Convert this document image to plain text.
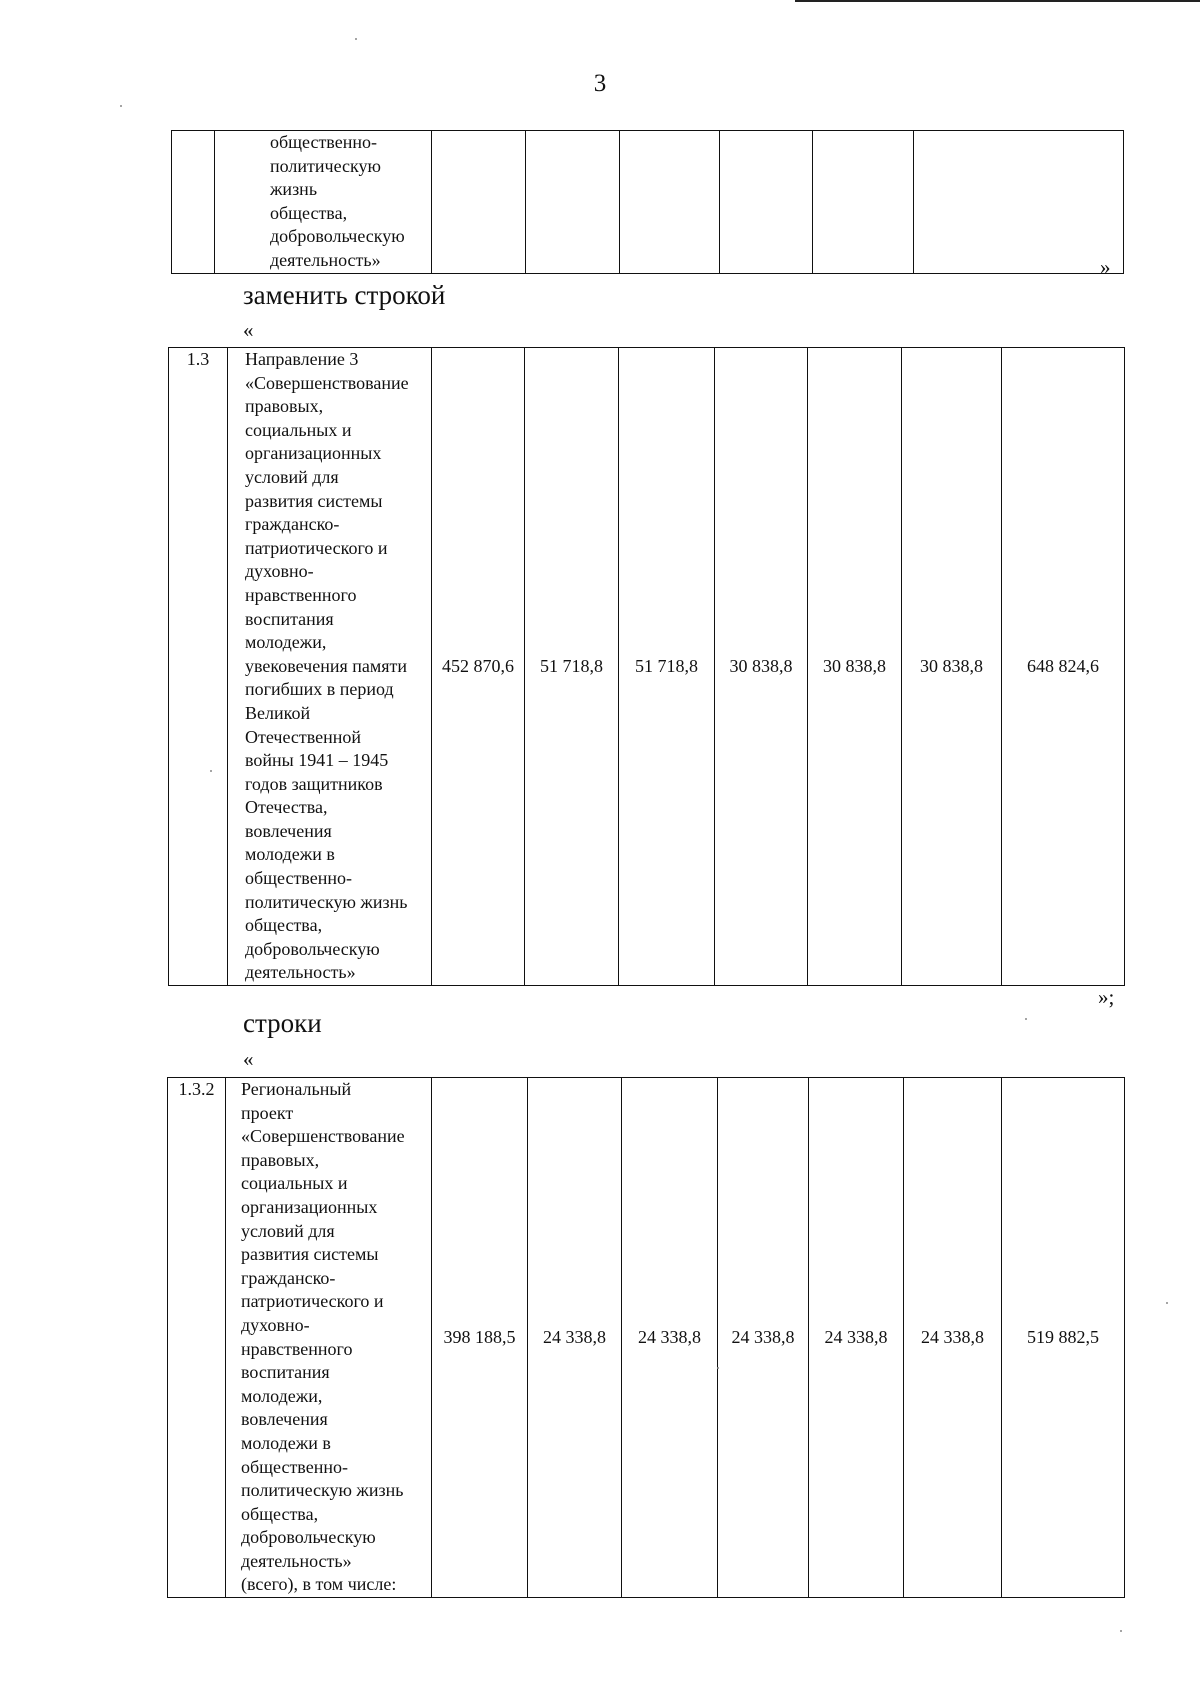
3
	общественно-
политическую жизнь
общества,
добровольческую
деятельность»							»
заменить строкой
«
1.3	Направление 3
«Совершенствование
правовых,
социальных и
организационных
условий для
развития системы
гражданско-
патриотического и
духовно-
нравственного
воспитания
молодежи,
увековечения памяти
погибших в период
Великой
Отечественной
войны 1941 – 1945
годов защитников
Отечества,
вовлечения
молодежи в
общественно-
политическую жизнь
общества,
добровольческую
деятельность»	452 870,6	51 718,8	51 718,8	30 838,8	30 838,8	30 838,8	648 824,6
»;
строки
«
1.3.2	Региональный
проект
«Совершенствование
правовых,
социальных и
организационных
условий для
развития системы
гражданско-
патриотического и
духовно-
нравственного
воспитания
молодежи,
вовлечения
молодежи в
общественно-
политическую жизнь
общества,
добровольческую
деятельность»
(всего), в том числе:	398 188,5	24 338,8	24 338,8	24 338,8	24 338,8	24 338,8	519 882,5
